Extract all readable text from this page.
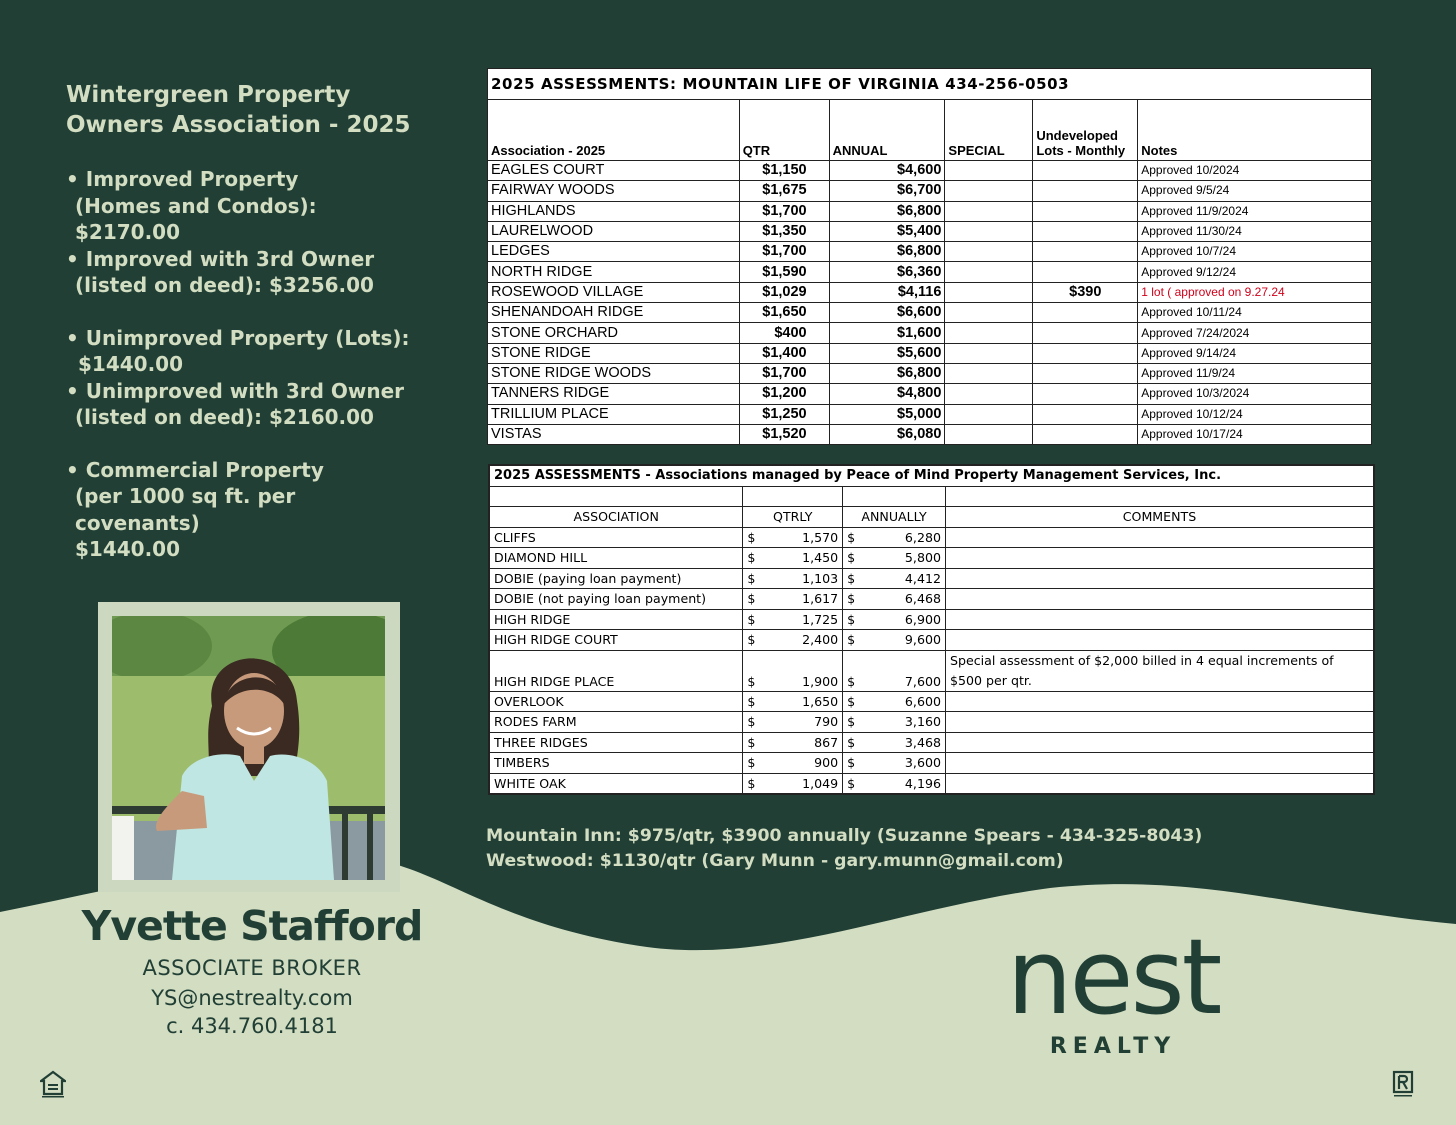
Wintergreen Property
Owners Association - 2025
• Improved Property
(Homes and Condos): $2170.00
• Improved with 3rd Owner
(listed on deed): $3256.00
• Unimproved Property (Lots):
$1440.00
• Unimproved with 3rd Owner
(listed on deed): $2160.00
• Commercial Property
(per 1000 sq ft. per covenants)
$1440.00
2025 ASSESSMENTS: MOUNTAIN LIFE OF VIRGINIA 434-256-0503					
Association - 2025	QTR	ANNUAL	SPECIAL	Undeveloped Lots - Monthly	Notes
EAGLES COURT	$1,150	$4,600			Approved 10/2024
FAIRWAY WOODS	$1,675	$6,700			Approved 9/5/24
HIGHLANDS	$1,700	$6,800			Approved 11/9/2024
LAURELWOOD	$1,350	$5,400			Approved 11/30/24
LEDGES	$1,700	$6,800			Approved 10/7/24
NORTH RIDGE	$1,590	$6,360			Approved 9/12/24
ROSEWOOD VILLAGE	$1,029	$4,116		$390	1 lot ( approved on 9.27.24
SHENANDOAH RIDGE	$1,650	$6,600			Approved 10/11/24
STONE ORCHARD	$400	$1,600			Approved 7/24/2024
STONE RIDGE	$1,400	$5,600			Approved 9/14/24
STONE RIDGE WOODS	$1,700	$6,800			Approved 11/9/24
TANNERS RIDGE	$1,200	$4,800			Approved 10/3/2024
TRILLIUM PLACE	$1,250	$5,000			Approved 10/12/24
VISTAS	$1,520	$6,080			Approved 10/17/24
2025 ASSESSMENTS - Associations managed by Peace of Mind Property Management Services, Inc.			

ASSOCIATION	QTRLY	ANNUALLY	COMMENTS
CLIFFS	$ 1,570	$ 6,280	

DIAMOND HILL	$ 1,450	$ 5,800	

DOBIE (paying loan payment)	$ 1,103	$ 4,412	

DOBIE (not paying loan payment)	$ 1,617	$ 6,468	

HIGH RIDGE	$ 1,725	$ 6,900	

HIGH RIDGE COURT	$ 2,400	$ 9,600	

HIGH RIDGE PLACE	$ 1,900	$ 7,600	Special assessment of $2,000 billed in 4 equal increments of $500 per qtr.
OVERLOOK	$ 1,650	$ 6,600	

RODES FARM	$ 790	$ 3,160	

THREE RIDGES	$ 867	$ 3,468	

TIMBERS	$ 900	$ 3,600	

WHITE OAK	$ 1,049	$ 4,196	

Mountain Inn: $975/qtr, $3900 annually (Suzanne Spears - 434-325-8043)
Westwood: $1130/qtr (Gary Munn - gary.munn@gmail.com)
Yvette Stafford
ASSOCIATE BROKER
YS@nestrealty.com
c. 434.760.4181	nest
REALTY
